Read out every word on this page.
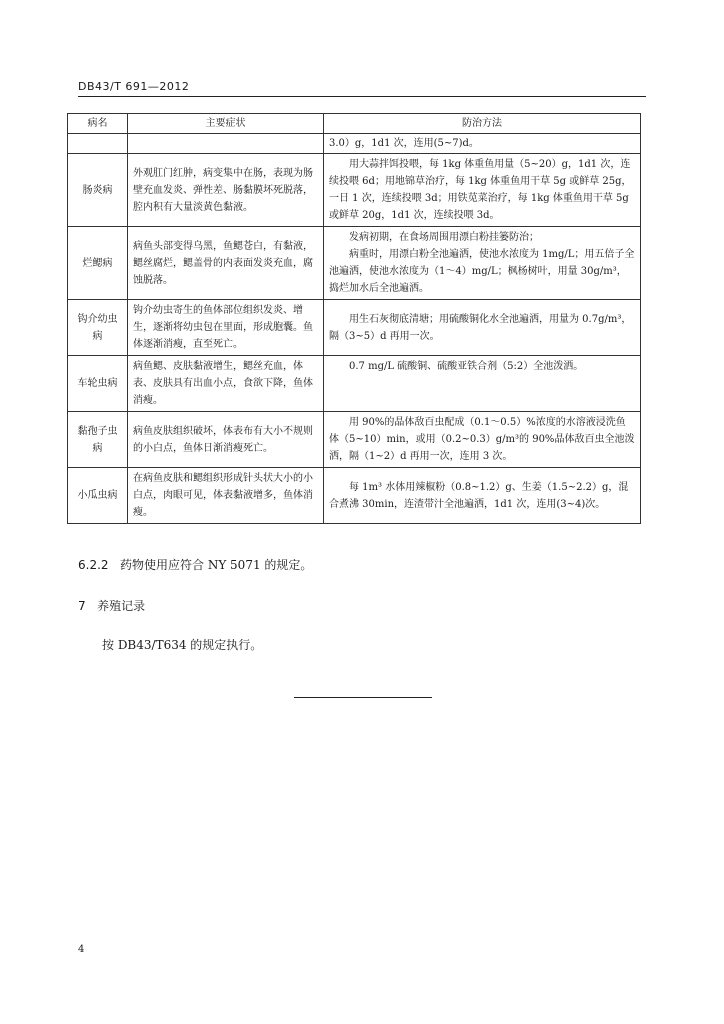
DB43/T 691—2012
病名	主要症状	防治方法
		3.0）g，1d1 次，连用(5~7)d。
肠炎病	外观肛门红肿，病变集中在肠，表现为肠壁充血发炎、弹性差、肠黏膜坏死脱落，腔内积有大量淡黄色黏液。	用大蒜拌饵投喂，每 1kg 体重鱼用量（5~20）g，1d1 次，连续投喂 6d；用地锦草治疗，每 1kg 体重鱼用干草 5g 或鲜草 25g，一日 1 次，连续投喂 3d；用铁苋菜治疗，每 1kg 体重鱼用干草 5g 或鲜草 20g，1d1 次，连续投喂 3d。

烂鳃病	病鱼头部变得乌黑，鱼鳃苍白，有黏液，鳃丝腐烂，鳃盖骨的内表面发炎充血，腐蚀脱落。	发病初期，在食场周围用漂白粉挂篓防治；
病重时，用漂白粉全池遍洒，使池水浓度为 1mg/L；用五倍子全池遍洒，使池水浓度为（1～4）mg/L；枫杨树叶，用量 30g/m³，捣烂加水后全池遍洒。

钩介幼虫病	钩介幼虫寄生的鱼体部位组织发炎、增生，逐渐将幼虫包在里面，形成胞囊。鱼体逐渐消瘦，直至死亡。	用生石灰彻底清塘；用硫酸铜化水全池遍洒，用量为 0.7g/m³，隔（3~5）d 再用一次。

车轮虫病	病鱼鳃、皮肤黏液增生，鳃丝充血，体表、皮肤具有出血小点，食欲下降，鱼体消瘦。	0.7 mg/L 硫酸铜、硫酸亚铁合剂（5:2）全池泼洒。

黏孢子虫病	病鱼皮肤组织破坏，体表布有大小不规则的小白点，鱼体日渐消瘦死亡。	用 90%的晶体敌百虫配成（0.1～0.5）%浓度的水溶液浸洗鱼体（5~10）min，或用（0.2~0.3）g/m³的 90%晶体敌百虫全池泼洒，隔（1~2）d 再用一次，连用 3 次。

小瓜虫病	在病鱼皮肤和鳃组织形成针头状大小的小白点，肉眼可见，体表黏液增多，鱼体消瘦。	每 1m³ 水体用辣椒粉（0.8~1.2）g、生姜（1.5~2.2）g，混合煮沸 30min，连渣带汁全池遍洒，1d1 次，连用(3~4)次。
6.2.2 药物使用应符合 NY 5071 的规定。
7 养殖记录
按 DB43/T634 的规定执行。
4
